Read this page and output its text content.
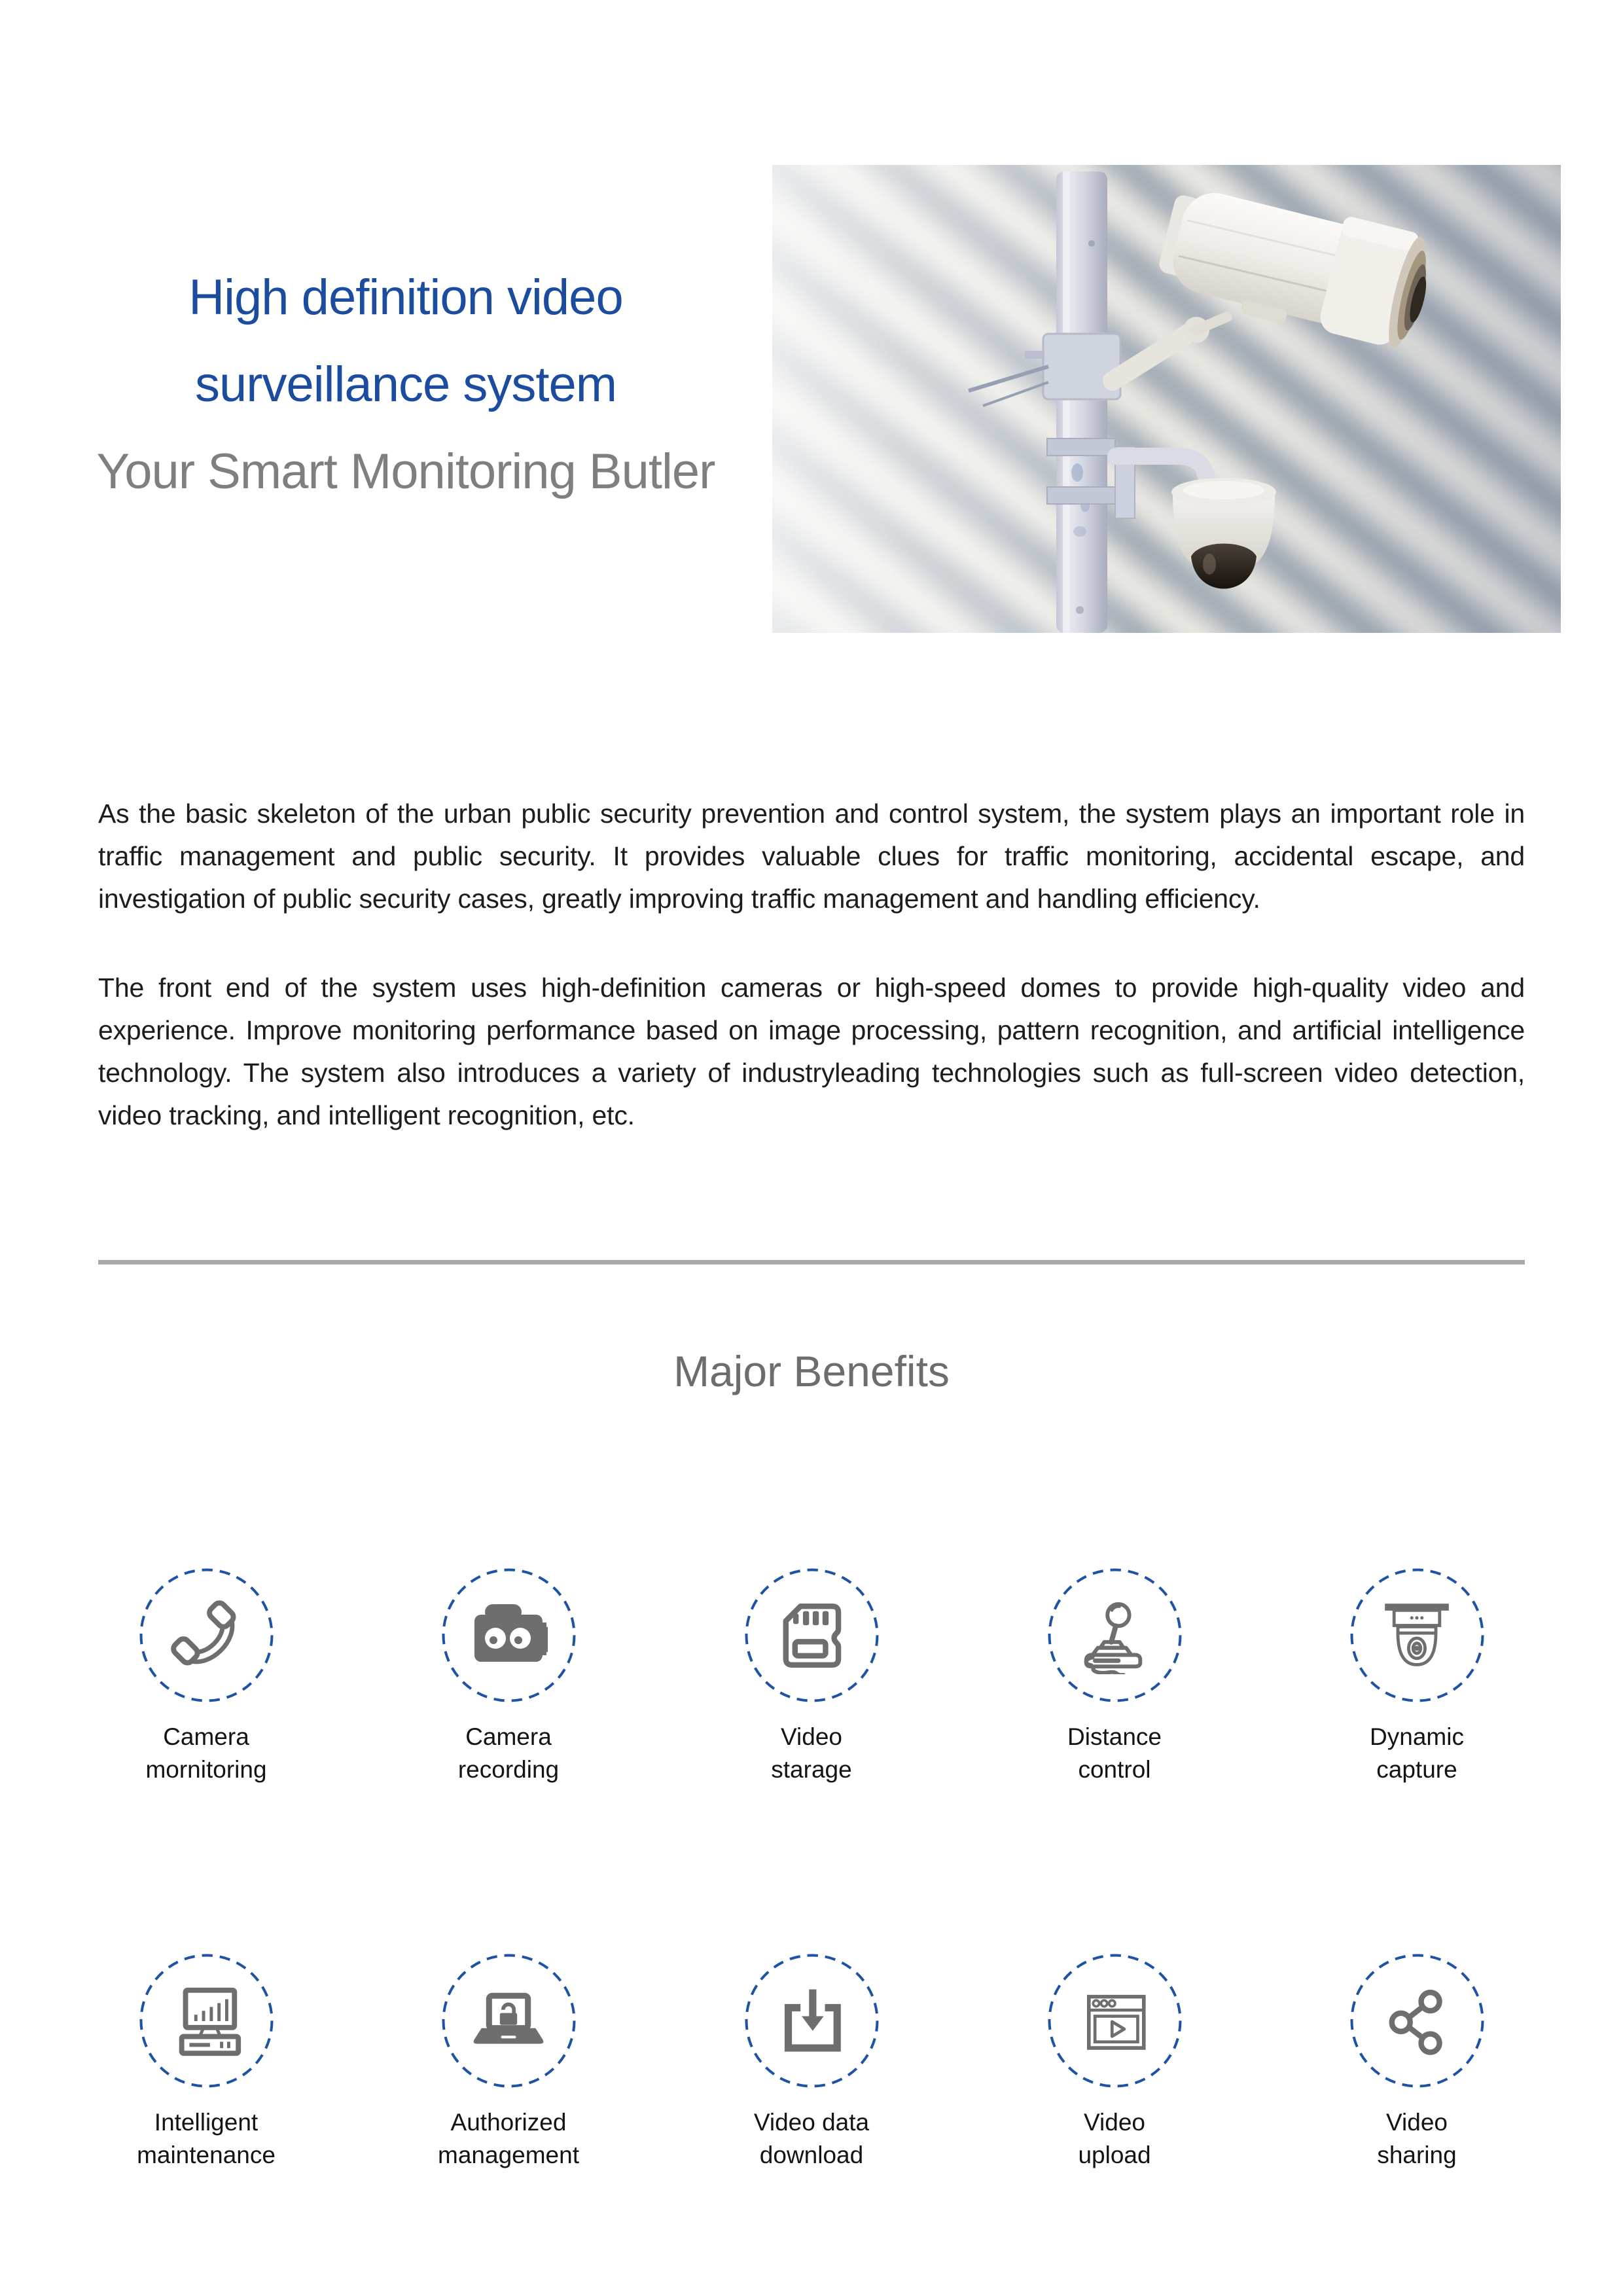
High definition video
surveillance system
Your Smart Monitoring Butler

As the basic skeleton of the urban public security prevention and control system, the system plays an important role in traffic management and public security. It provides valuable clues for traffic monitoring, accidental escape, and investigation of public security cases, greatly improving traffic management and handling efficiency.

The front end of the system uses high-definition cameras or high-speed domes to provide high-quality video and experience. Improve monitoring performance based on image processing, pattern recognition, and artificial intelligence technology. The system also introduces a variety of industryleading technologies such as full-screen video detection, video tracking, and intelligent recognition, etc.

Major Benefits
Camera
mornitoring
Camera
recording
Video
starage
Distance
control
Dynamic
capture
Intelligent
maintenance
Authorized
management
Video data
download
Video
upload
Video
sharing
